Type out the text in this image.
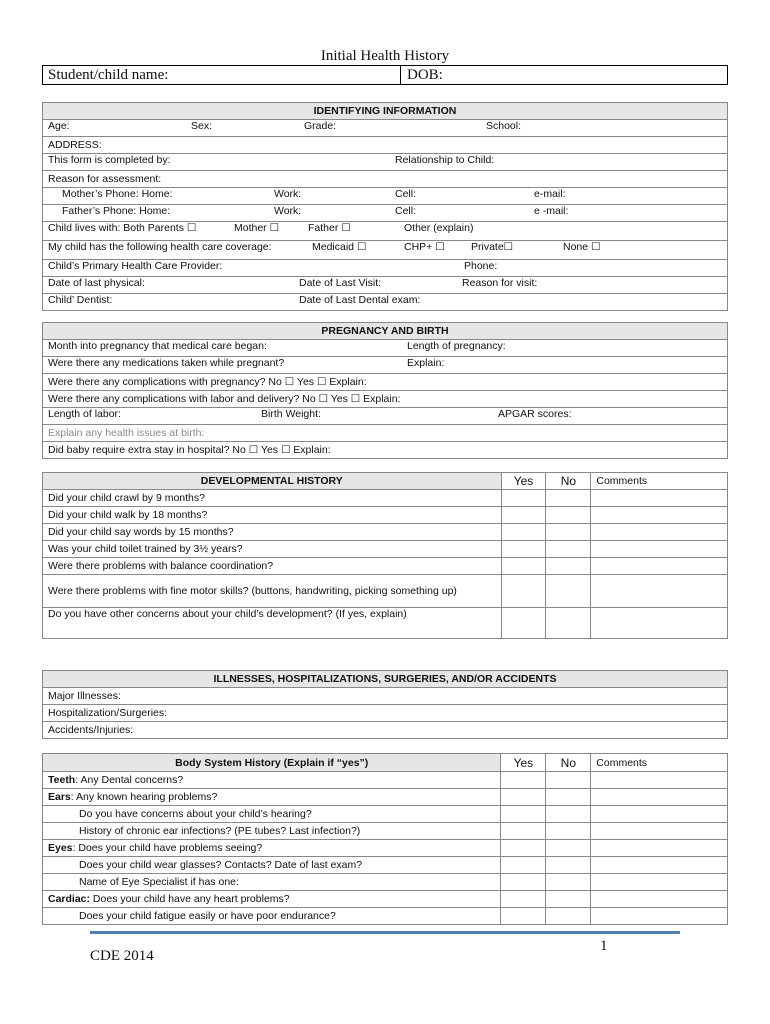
Initial Health History
Student/child name:	DOB:
IDENTIFYING INFORMATION

Age:	Sex:	Grade:	School:

ADDRESS:

This form is completed by:	Relationship to Child:

Reason for assessment:

Mother’s Phone: Home:	Work:	Cell:	e-mail:

Father’s Phone: Home:	Work:	Cell:	e -mail:

Child lives with: Both Parents ☐	Mother ☐	Father ☐	Other (explain)

My child has the following health care coverage:	Medicaid ☐	CHP+ ☐	Private☐	None ☐

Child’s Primary Health Care Provider:	Phone:

Date of last physical:	Date of Last Visit:	Reason for visit:

Child’ Dentist:	Date of Last Dental exam:
PREGNANCY AND BIRTH

Month into pregnancy that medical care began:	Length of pregnancy:

Were there any medications taken while pregnant?	Explain:

Were there any complications with pregnancy? No ☐ Yes ☐ Explain:
Were there any complications with labor and delivery? No ☐ Yes ☐ Explain:

Length of labor:	Birth Weight:	APGAR scores:

Explain any health issues at birth:
Did baby require extra stay in hospital? No ☐ Yes ☐ Explain:
DEVELOPMENTAL HISTORY	Yes	No	Comments
Did your child crawl by 9 months?			
Did your child walk by 18 months?			
Did your child say words by 15 months?			
Was your child toilet trained by 3½ years?			
Were there problems with balance coordination?			
Were there problems with fine motor skills? (buttons, handwriting, picking something up)			
Do you have other concerns about your child’s development? (If yes, explain)			
ILLNESSES, HOSPITALIZATIONS, SURGERIES, AND/OR ACCIDENTS
Major Illnesses:
Hospitalization/Surgeries:
Accidents/Injuries:
Body System History (Explain if “yes”)	Yes	No	Comments
Teeth: Any Dental concerns?			
Ears: Any known hearing problems?			
Do you have concerns about your child’s hearing?			
History of chronic ear infections? (PE tubes? Last infection?)			
Eyes: Does your child have problems seeing?			
Does your child wear glasses? Contacts? Date of last exam?			
Name of Eye Specialist if has one:			
Cardiac: Does your child have any heart problems?			
Does your child fatigue easily or have poor endurance?			
CDE 2014
1
